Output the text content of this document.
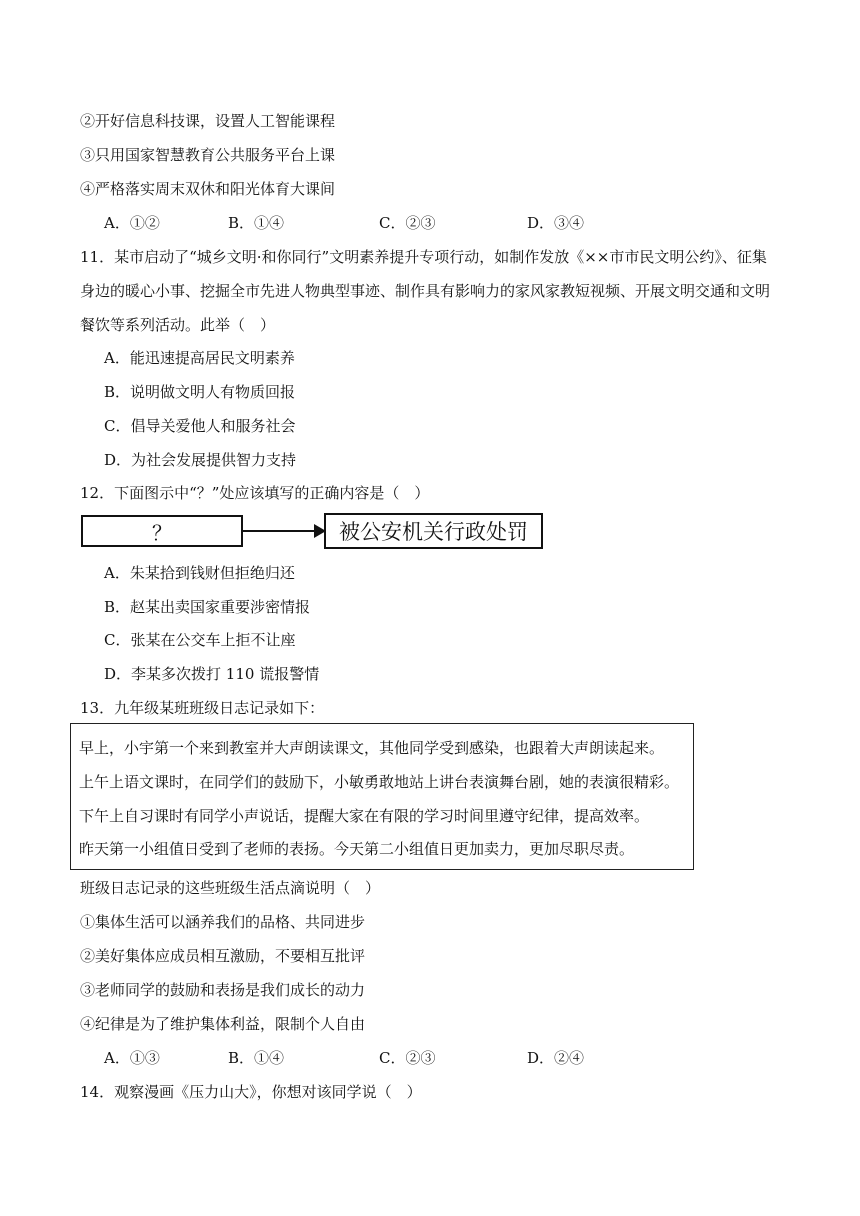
②开好信息科技课，设置人工智能课程
③只用国家智慧教育公共服务平台上课
④严格落实周末双休和阳光体育大课间
A．①②	B．①④	C．②③	D．③④
11．某市启动了“城乡文明·和你同行”文明素养提升专项行动，如制作发放《××市市民文明公约》、征集身边的暖心小事、挖掘全市先进人物典型事迹、制作具有影响力的家风家教短视频、开展文明交通和文明餐饮等系列活动。此举（　）
A．能迅速提高居民文明素养
B．说明做文明人有物质回报
C．倡导关爱他人和服务社会
D．为社会发展提供智力支持
12．下面图示中“？”处应该填写的正确内容是（　）
？	被公安机关行政处罚
A．朱某拾到钱财但拒绝归还
B．赵某出卖国家重要涉密情报
C．张某在公交车上拒不让座
D．李某多次拨打 110 谎报警情
13．九年级某班班级日志记录如下：
早上，小宇第一个来到教室并大声朗读课文，其他同学受到感染，也跟着大声朗读起来。
上午上语文课时，在同学们的鼓励下，小敏勇敢地站上讲台表演舞台剧，她的表演很精彩。
下午上自习课时有同学小声说话，提醒大家在有限的学习时间里遵守纪律，提高效率。
昨天第一小组值日受到了老师的表扬。今天第二小组值日更加卖力，更加尽职尽责。
班级日志记录的这些班级生活点滴说明（　）
①集体生活可以涵养我们的品格、共同进步
②美好集体应成员相互激励，不要相互批评
③老师同学的鼓励和表扬是我们成长的动力
④纪律是为了维护集体利益，限制个人自由
A．①③	B．①④	C．②③	D．②④
14．观察漫画《压力山大》，你想对该同学说（　）
